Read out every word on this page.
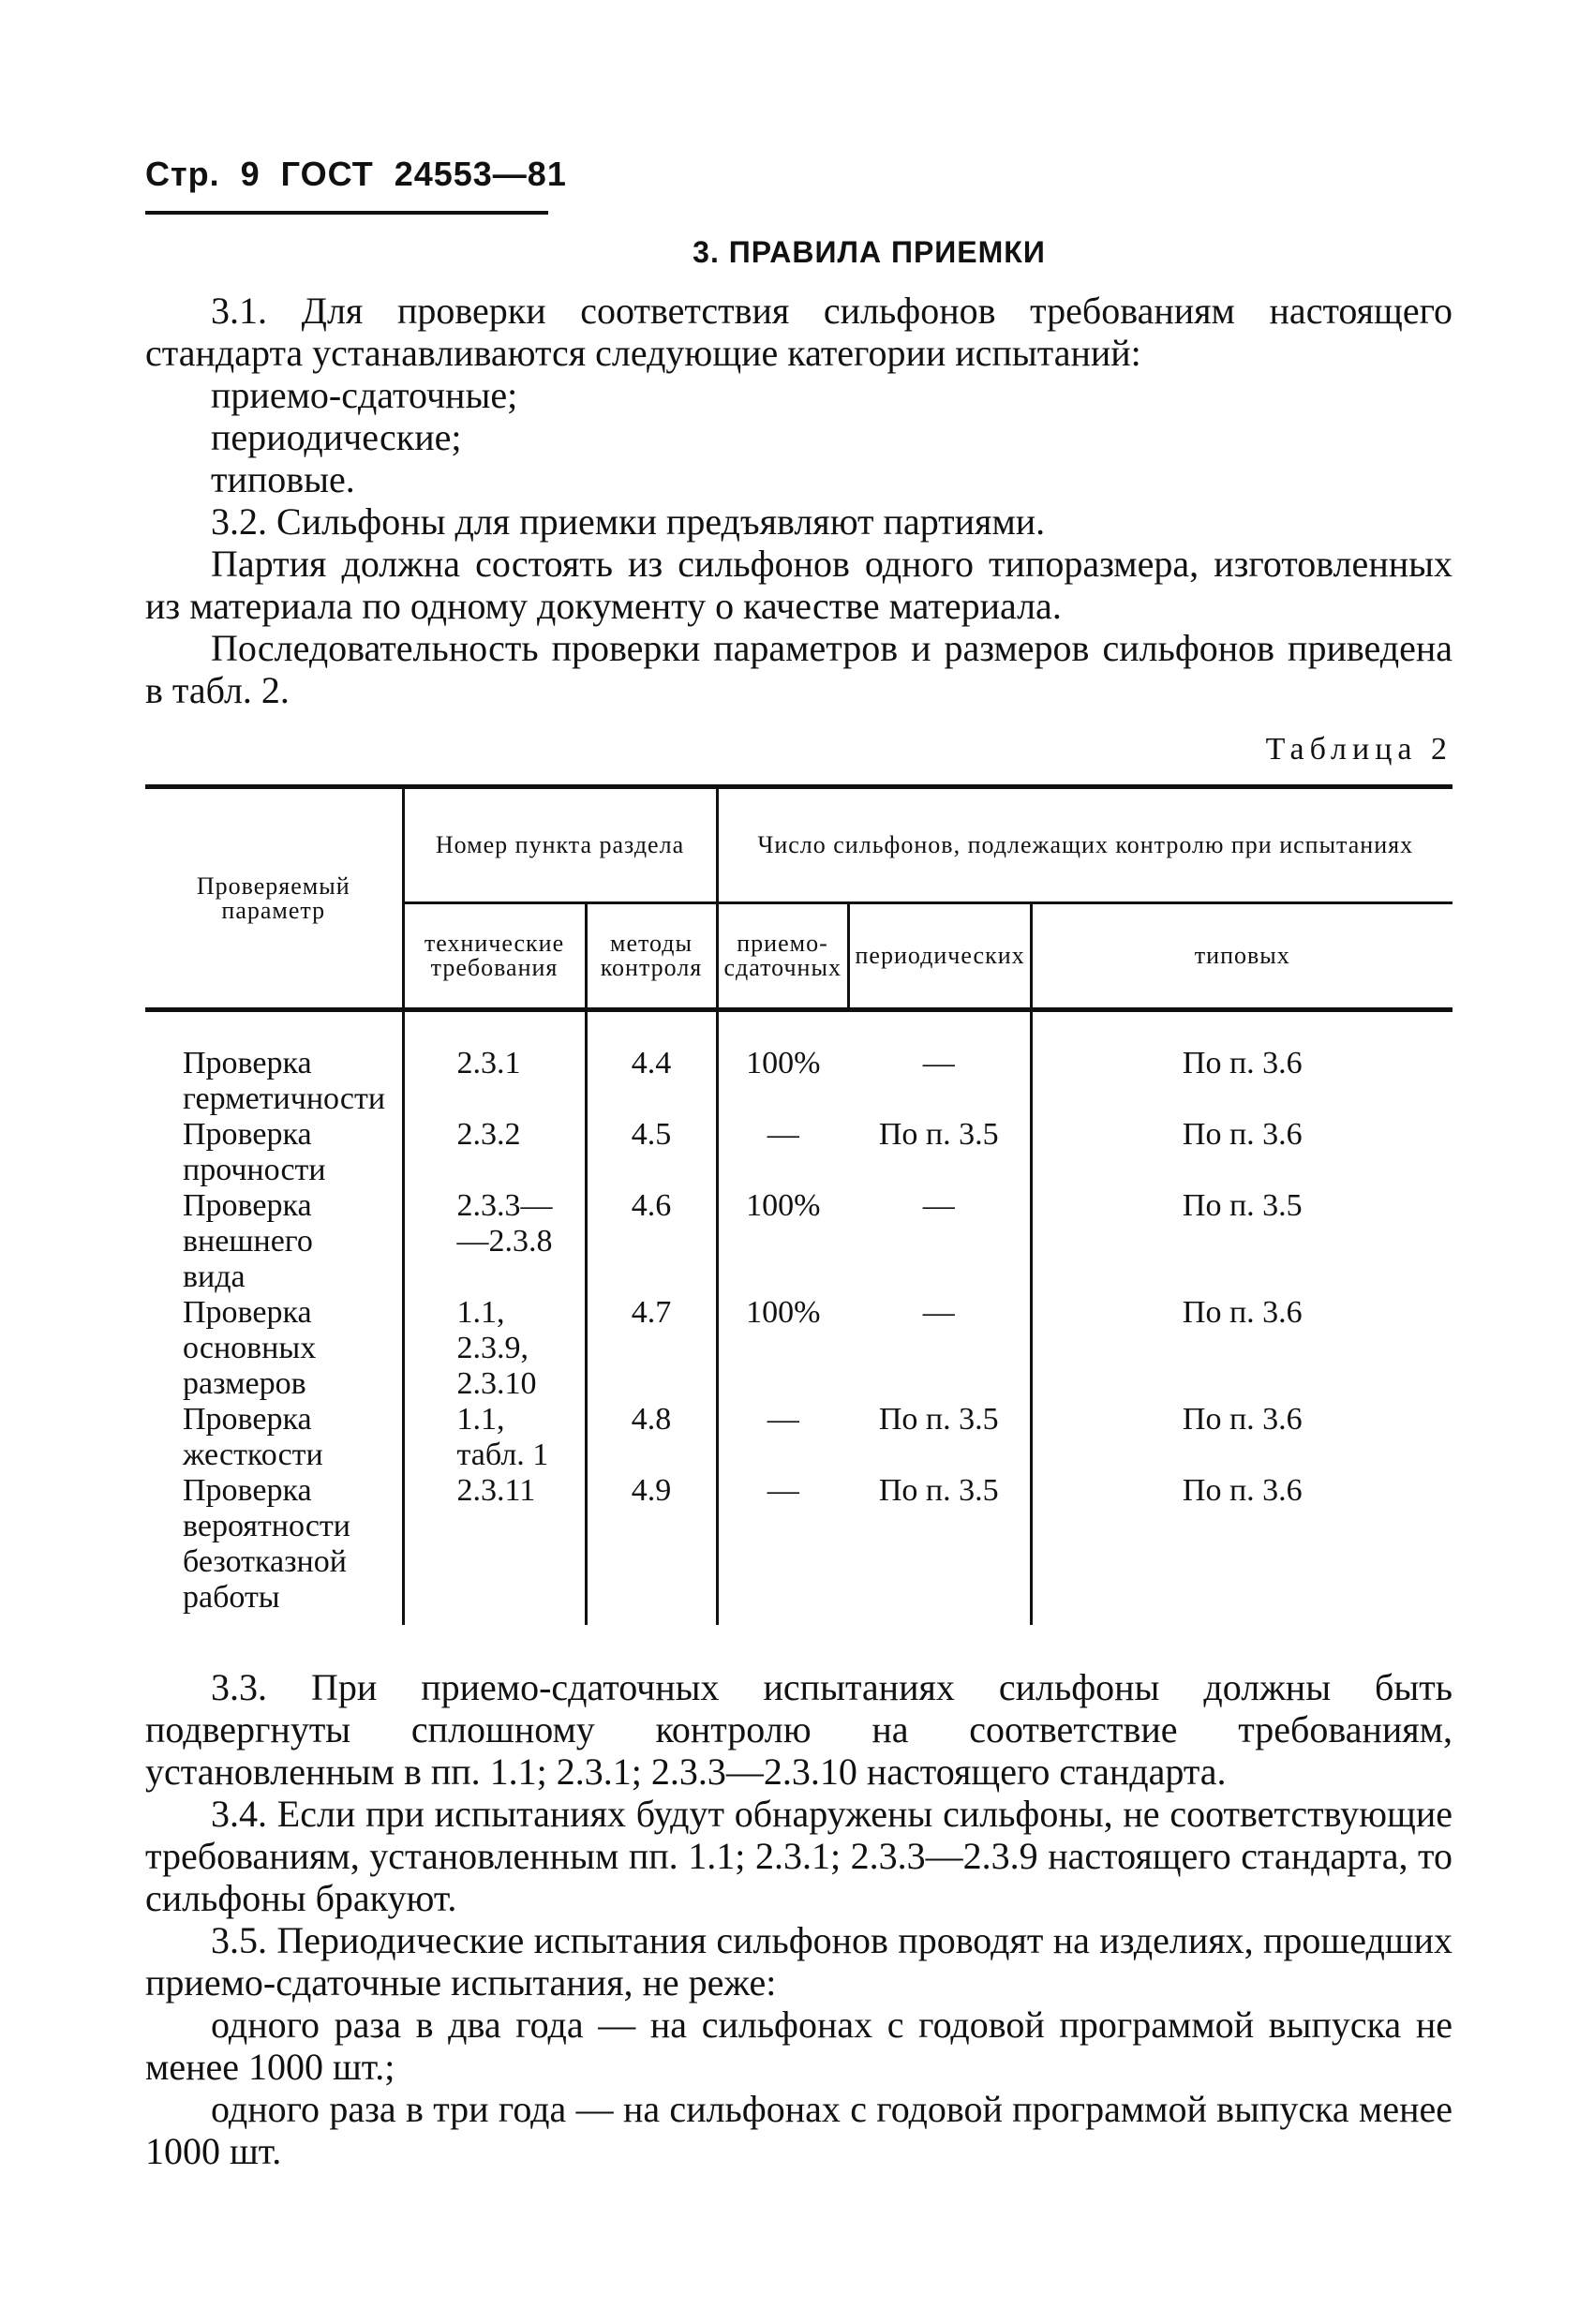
Стр. 9 ГОСТ 24553—81
3. ПРАВИЛА ПРИЕМКИ

3.1. Для проверки соответствия сильфонов требованиям настоящего стандарта устанавливаются следующие категории испытаний:

приемо-сдаточные;
периодические;
типовые.

3.2. Сильфоны для приемки предъявляют партиями.

Партия должна состоять из сильфонов одного типоразмера, изготовленных из материала по одному документу о качестве материала.

Последовательность проверки параметров и размеров сильфонов приведена в табл. 2.

Таблица 2
Проверяемый параметр	Номер пункта раздела		Число сильфонов, подлежащих контролю при испытаниях		
	технические требования	методы контроля	приемо-сдаточных	периодических	типовых
Проверка герметичности	2.3.1	4.4	100%	—	По п. 3.6
Проверка прочности	2.3.2	4.5	—	По п. 3.5	По п. 3.6
Проверка внешнего вида	2.3.3—
—2.3.8	4.6	100%	—	По п. 3.5
Проверка основных размеров	1.1,
2.3.9,
2.3.10	4.7	100%	—	По п. 3.6
Проверка жесткости	1.1,
табл. 1	4.8	—	По п. 3.5	По п. 3.6
Проверка вероятности безотказной работы	2.3.11	4.9	—	По п. 3.5	По п. 3.6

3.3. При приемо-сдаточных испытаниях сильфоны должны быть подвергнуты сплошному контролю на соответствие требованиям, установленным в пп. 1.1; 2.3.1; 2.3.3—2.3.10 настоящего стандарта.

3.4. Если при испытаниях будут обнаружены сильфоны, не соответствующие требованиям, установленным пп. 1.1; 2.3.1; 2.3.3—2.3.9 настоящего стандарта, то сильфоны бракуют.

3.5. Периодические испытания сильфонов проводят на изделиях, прошедших приемо-сдаточные испытания, не реже:

одного раза в два года — на сильфонах с годовой программой выпуска не менее 1000 шт.;

одного раза в три года — на сильфонах с годовой программой выпуска менее 1000 шт.
